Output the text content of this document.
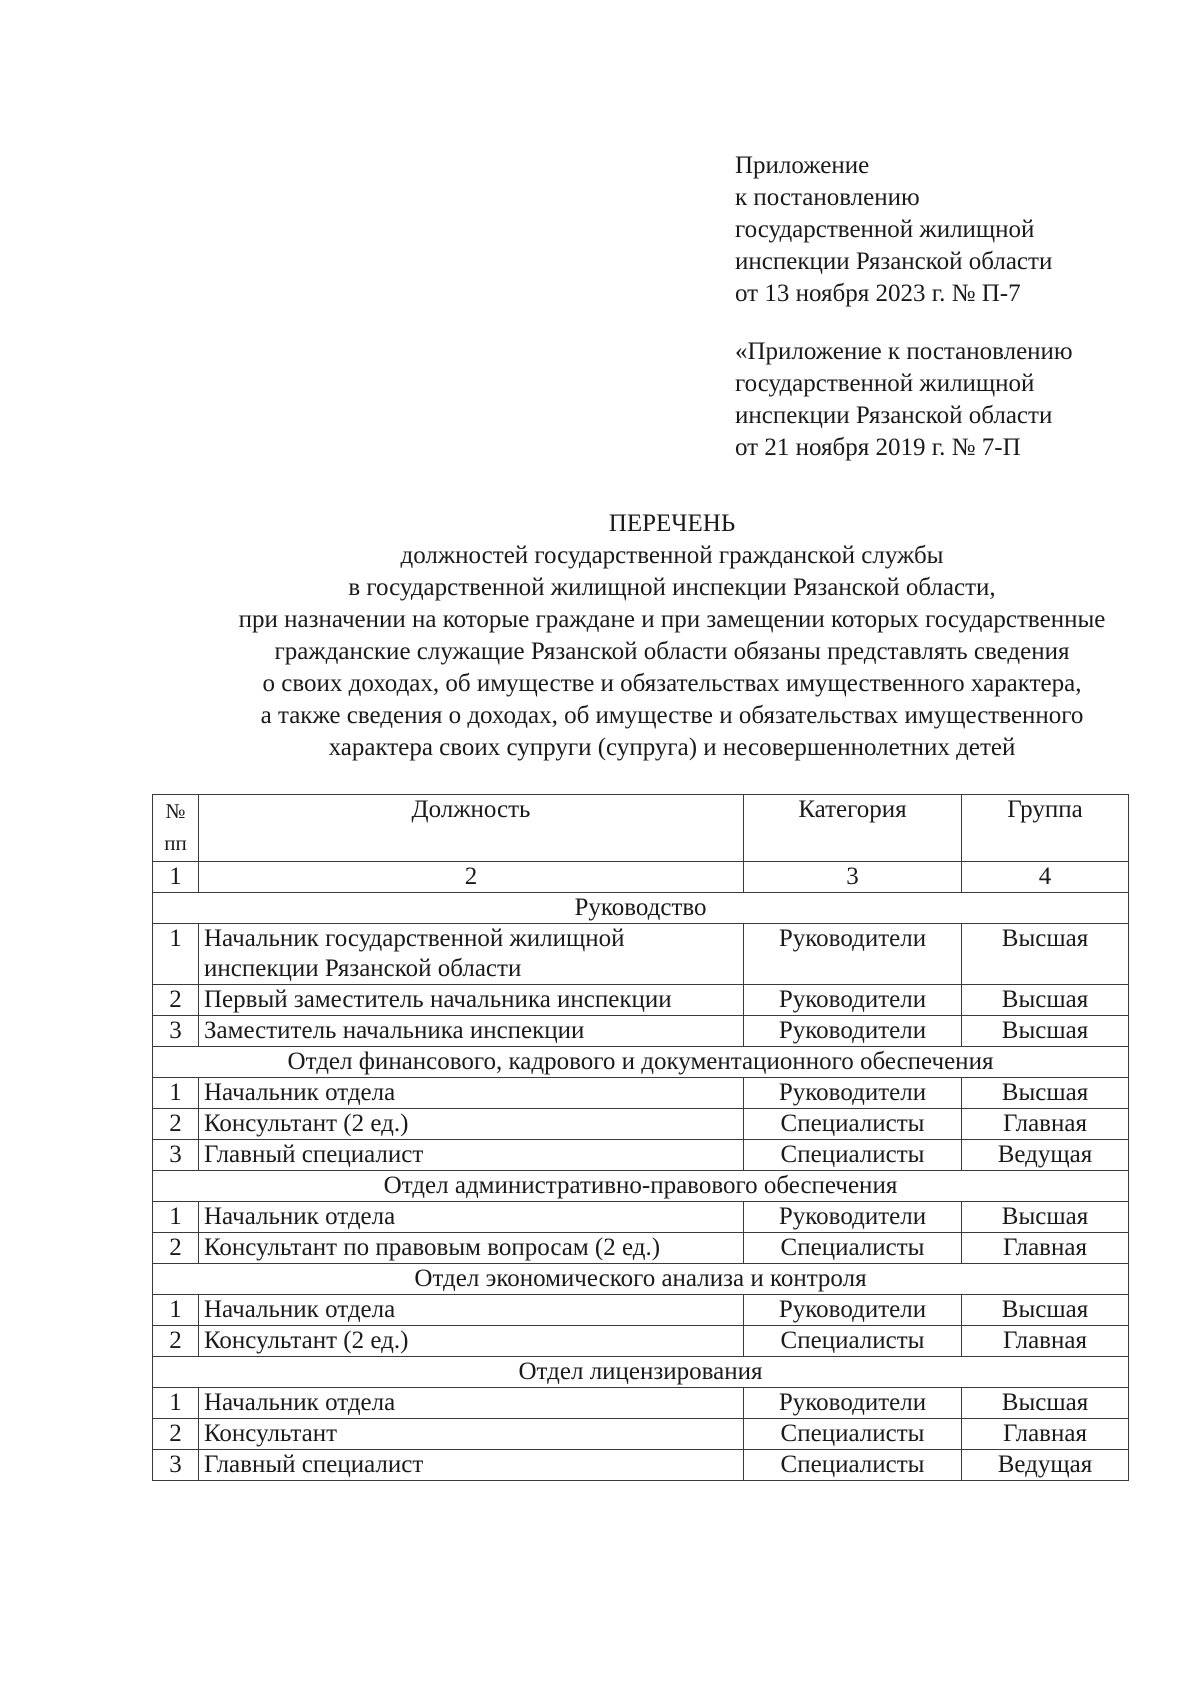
Приложение
к постановлению
государственной жилищной
инспекции Рязанской области
от 13 ноября 2023 г. № П-7
«Приложение к постановлению
государственной жилищной
инспекции Рязанской области
от 21 ноября 2019 г. № 7-П
ПЕРЕЧЕНЬ
должностей государственной гражданской службы
в государственной жилищной инспекции Рязанской области,
при назначении на которые граждане и при замещении которых государственные
гражданские служащие Рязанской области обязаны представлять сведения
о своих доходах, об имуществе и обязательствах имущественного характера,
а также сведения о доходах, об имуществе и обязательствах имущественного
характера своих супруги (супруга) и несовершеннолетних детей
№ пп	Должность	Категория	Группа
1	2	3	4
Руководство			
1	Начальник государственной жилищной инспекции Рязанской области	Руководители	Высшая
2	Первый заместитель начальника инспекции	Руководители	Высшая
3	Заместитель начальника инспекции	Руководители	Высшая
Отдел финансового, кадрового и документационного обеспечения			
1	Начальник отдела	Руководители	Высшая
2	Консультант (2 ед.)	Специалисты	Главная
3	Главный специалист	Специалисты	Ведущая
Отдел административно-правового обеспечения			
1	Начальник отдела	Руководители	Высшая
2	Консультант по правовым вопросам (2 ед.)	Специалисты	Главная
Отдел экономического анализа и контроля			
1	Начальник отдела	Руководители	Высшая
2	Консультант (2 ед.)	Специалисты	Главная
Отдел лицензирования			
1	Начальник отдела	Руководители	Высшая
2	Консультант	Специалисты	Главная
3	Главный специалист	Специалисты	Ведущая
